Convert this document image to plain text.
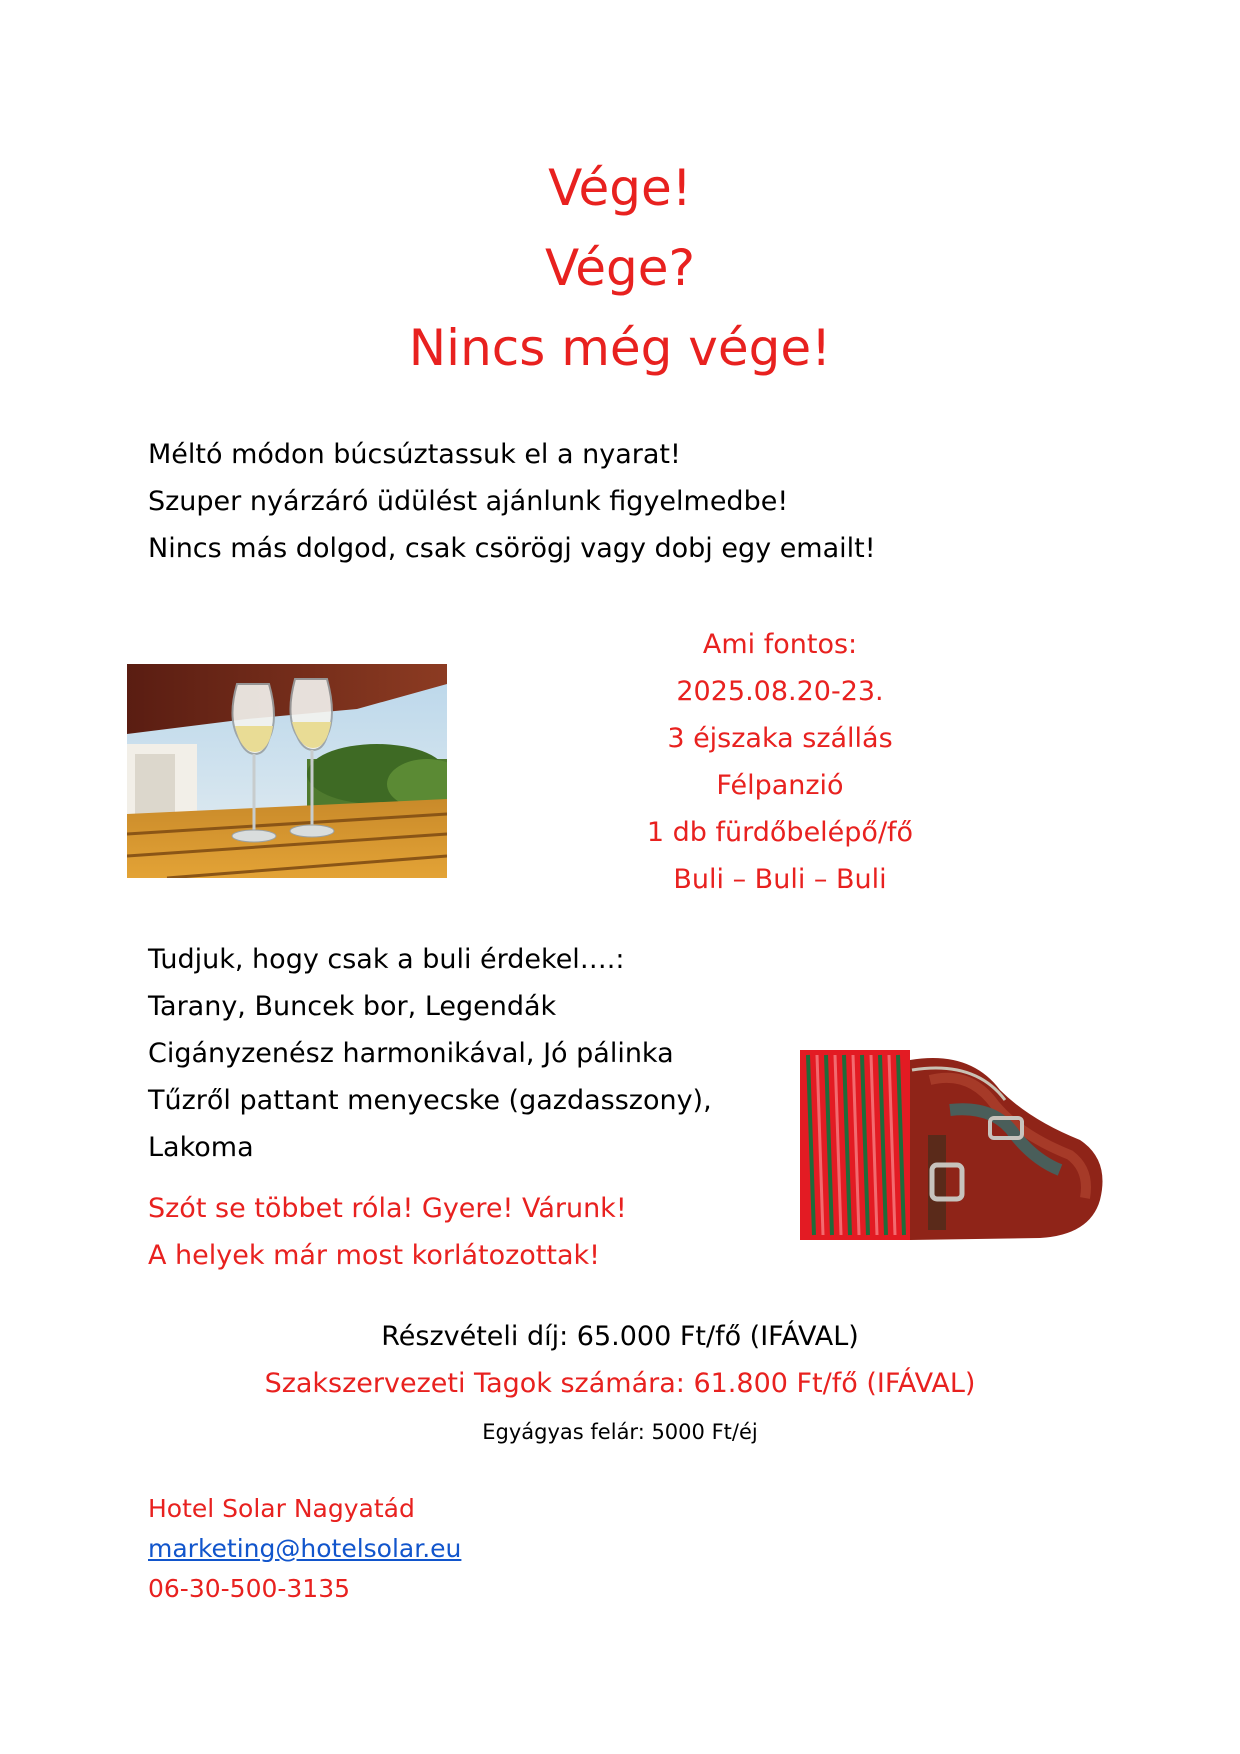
Vége!
Vége?
Nincs még vége!
Méltó módon búcsúztassuk el a nyarat!
Szuper nyárzáró üdülést ajánlunk figyelmedbe!
Nincs más dolgod, csak csörögj vagy dobj egy emailt!
Ami fontos:
2025.08.20-23.
3 éjszaka szállás
Félpanzió
1 db fürdőbelépő/fő
Buli – Buli – Buli
Tudjuk, hogy csak a buli érdekel….:
Tarany, Buncek bor, Legendák
Cigányzenész harmonikával, Jó pálinka
Tűzről pattant menyecske (gazdasszony),
Lakoma
Szót se többet róla! Gyere! Várunk!
A helyek már most korlátozottak!
Részvételi díj: 65.000 Ft/fő (IFÁVAL)
Szakszervezeti Tagok számára: 61.800 Ft/fő (IFÁVAL)
Egyágyas felár: 5000 Ft/éj
Hotel Solar Nagyatád
marketing@hotelsolar.eu
06-30-500-3135
